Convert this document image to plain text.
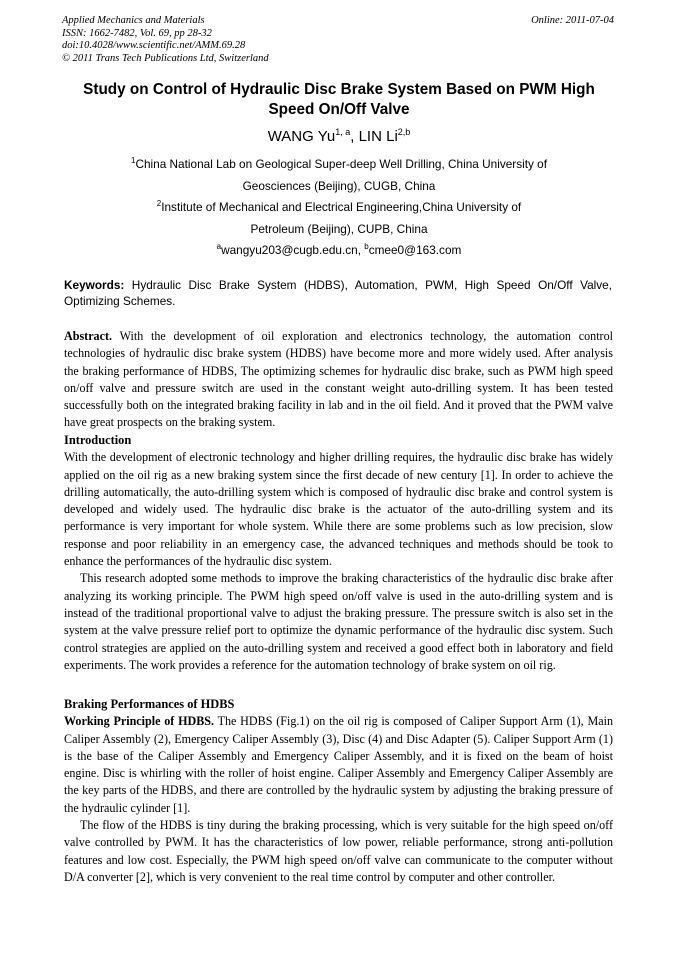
Applied Mechanics and Materials
ISSN: 1662-7482, Vol. 69, pp 28-32
doi:10.4028/www.scientific.net/AMM.69.28
© 2011 Trans Tech Publications Ltd, Switzerland
Online: 2011-07-04
Study on Control of Hydraulic Disc Brake System Based on PWM High
Speed On/Off Valve
WANG Yu$^{1, a}$, LIN Li$^{2,b}$
$^1$China National Lab on Geological Super-deep Well Drilling, China University of
Geosciences (Beijing), CUGB, China
$^2$Institute of Mechanical and Electrical Engineering,China University of
Petroleum (Beijing), CUPB, China
$^a$wangyu203@cugb.edu.cn, $^b$cmee0@163.com
Keywords: Hydraulic Disc Brake System (HDBS), Automation, PWM, High Speed On/Off Valve, Optimizing Schemes.

Abstract. With the development of oil exploration and electronics technology, the automation control technologies of hydraulic disc brake system (HDBS) have become more and more widely used. After analysis the braking performance of HDBS, The optimizing schemes for hydraulic disc brake, such as PWM high speed on/off valve and pressure switch are used in the constant weight auto-drilling system. It has been tested successfully both on the integrated braking facility in lab and in the oil field. And it proved that the PWM valve have great prospects on the braking system.

Introduction

With the development of electronic technology and higher drilling requires, the hydraulic disc brake has widely applied on the oil rig as a new braking system since the first decade of new century [1]. In order to achieve the drilling automatically, the auto-drilling system which is composed of hydraulic disc brake and control system is developed and widely used. The hydraulic disc brake is the actuator of the auto-drilling system and its performance is very important for whole system. While there are some problems such as low precision, slow response and poor reliability in an emergency case, the advanced techniques and methods should be took to enhance the performances of the hydraulic disc system.

This research adopted some methods to improve the braking characteristics of the hydraulic disc brake after analyzing its working principle. The PWM high speed on/off valve is used in the auto-drilling system and is instead of the traditional proportional valve to adjust the braking pressure. The pressure switch is also set in the system at the valve pressure relief port to optimize the dynamic performance of the hydraulic disc system. Such control strategies are applied on the auto-drilling system and received a good effect both in laboratory and field experiments. The work provides a reference for the automation technology of brake system on oil rig.

Braking Performances of HDBS

Working Principle of HDBS. The HDBS (Fig.1) on the oil rig is composed of Caliper Support Arm (1), Main Caliper Assembly (2), Emergency Caliper Assembly (3), Disc (4) and Disc Adapter (5). Caliper Support Arm (1) is the base of the Caliper Assembly and Emergency Caliper Assembly, and it is fixed on the beam of hoist engine. Disc is whirling with the roller of hoist engine. Caliper Assembly and Emergency Caliper Assembly are the key parts of the HDBS, and there are controlled by the hydraulic system by adjusting the braking pressure of the hydraulic cylinder [1].

The flow of the HDBS is tiny during the braking processing, which is very suitable for the high speed on/off valve controlled by PWM. It has the characteristics of low power, reliable performance, strong anti-pollution features and low cost. Especially, the PWM high speed on/off valve can communicate to the computer without D/A converter [2], which is very convenient to the real time control by computer and other controller.
